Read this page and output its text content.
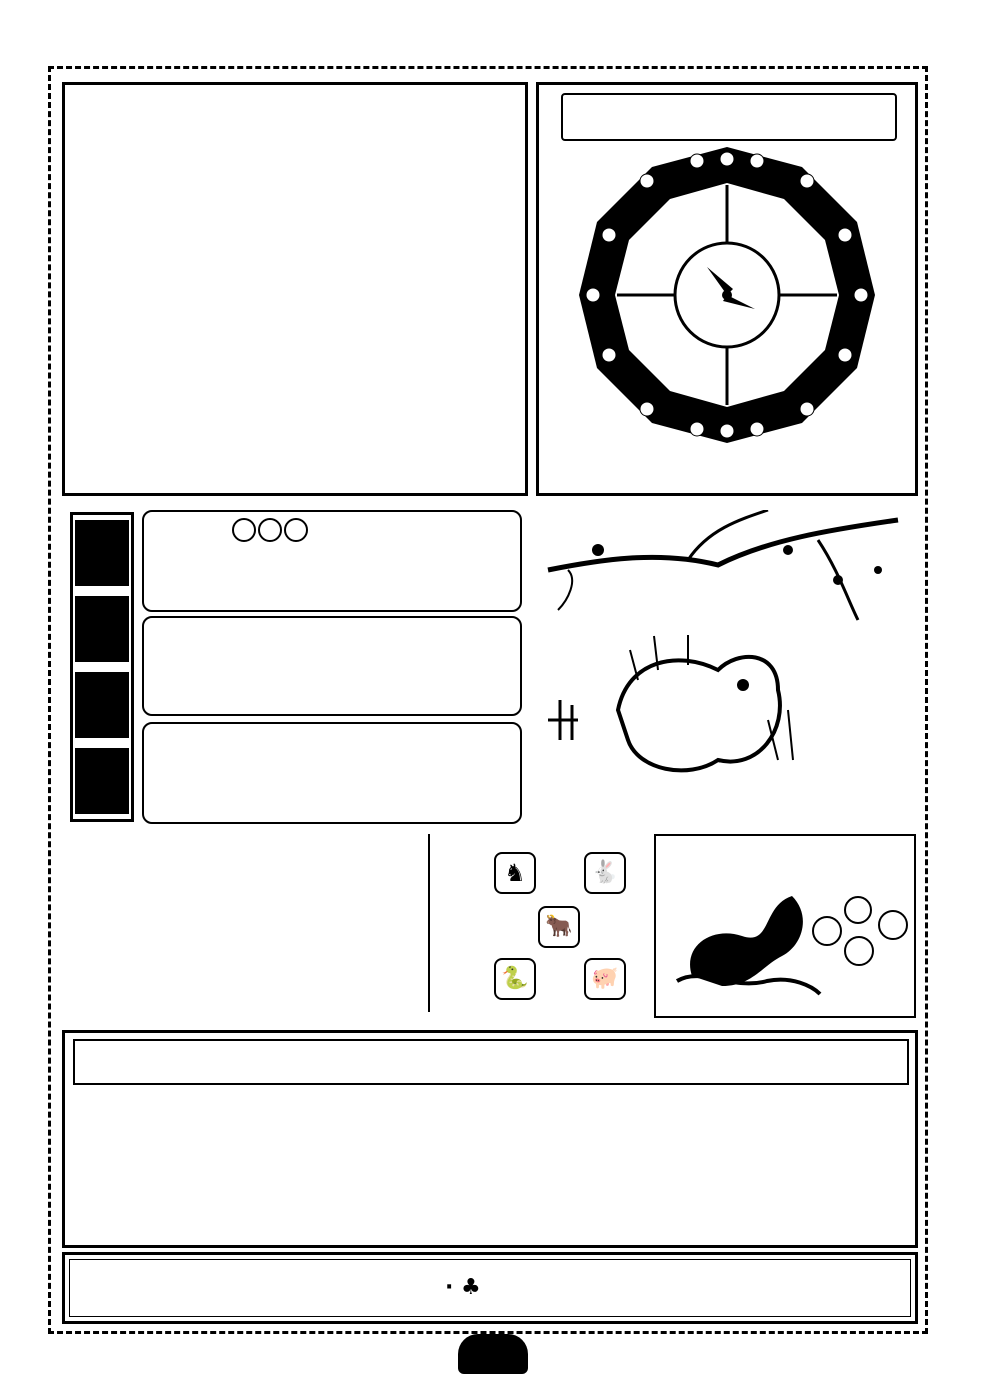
♞	🐇
🐂
🐍	🐖
· ♣
